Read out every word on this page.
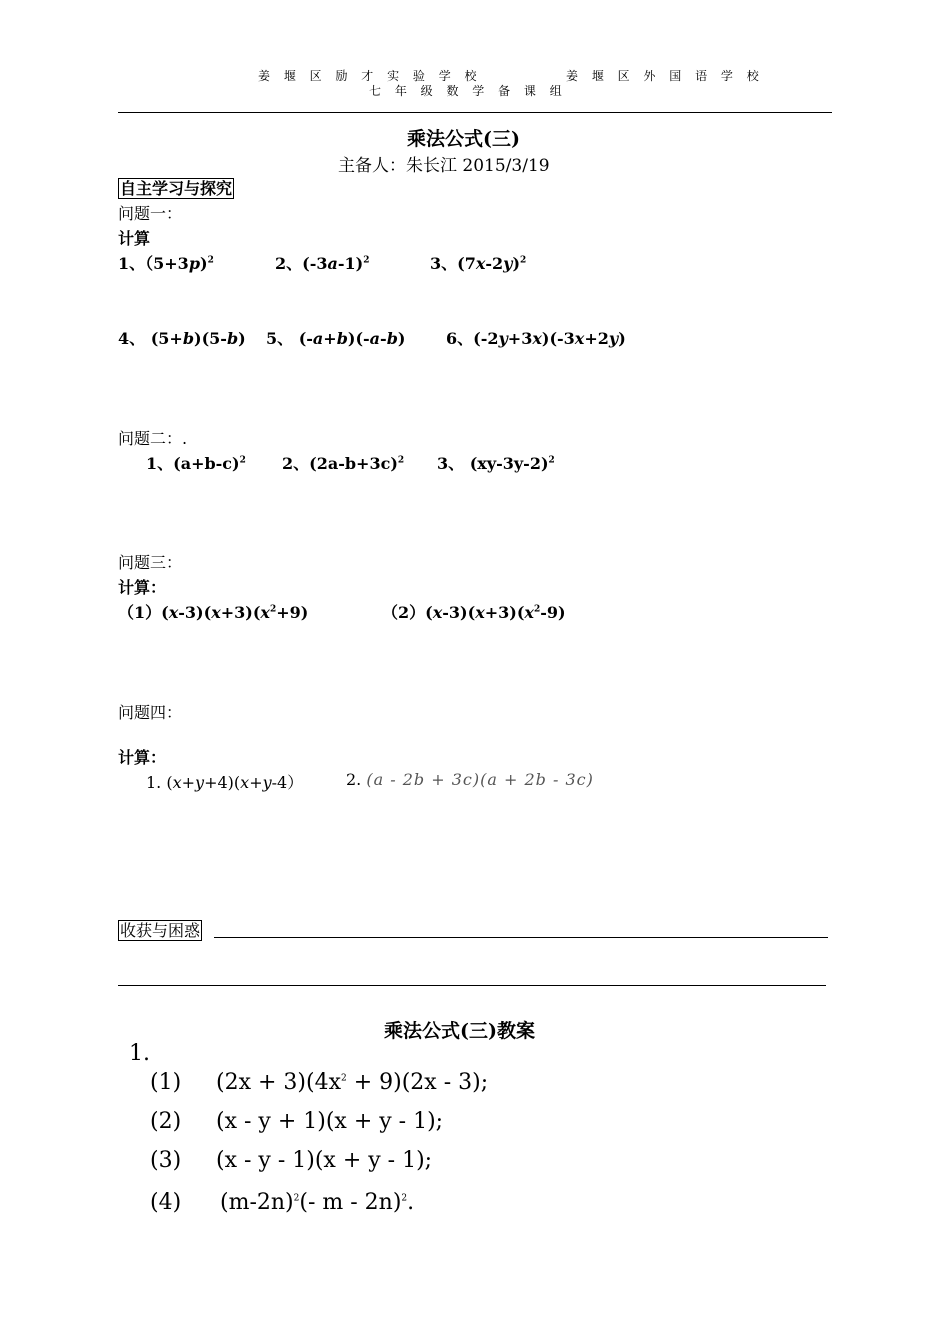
姜 堰 区 励 才 实 验 学 校	姜 堰 区 外 国 语 学 校
七 年 级 数 学 备 课 组
乘法公式(三)
主备人：朱长江 2015/3/19
自主学习与探究
问题一：
计算
1、（5+3p)$^2$	2、$(-3a-1)^2$	3、$(7x-2y)^2$
4、 (5+b)(5-b) 5、 (-a+b)(-a-b)	6、(-2y+3x)(-3x+2y)
问题二：.
1、$(a+b-c)^2$ 2、$(2a-b+3c)^2$ 3、 $(xy-3y-2)^2$
问题三：
计算：
$(1)(x-3)(x+3)(x^2+9)$	$(2)(x-3)(x+3)(x^2-9)$
问题四：
计算：
1. (x+y+4)(x+y-4）	2. (a - 2b + 3c)(a + 2b - 3c)
收获与困惑
乘法公式(三)教案
1.
(1) $(2x + 3)(4x^2 + 9)(2x - 3)$;
(2) (x - y + 1)(x + y - 1);
(3) (x - y - 1)(x + y - 1);
(4) $(m-2n)^2(-$ m - 2n)$^2$.
